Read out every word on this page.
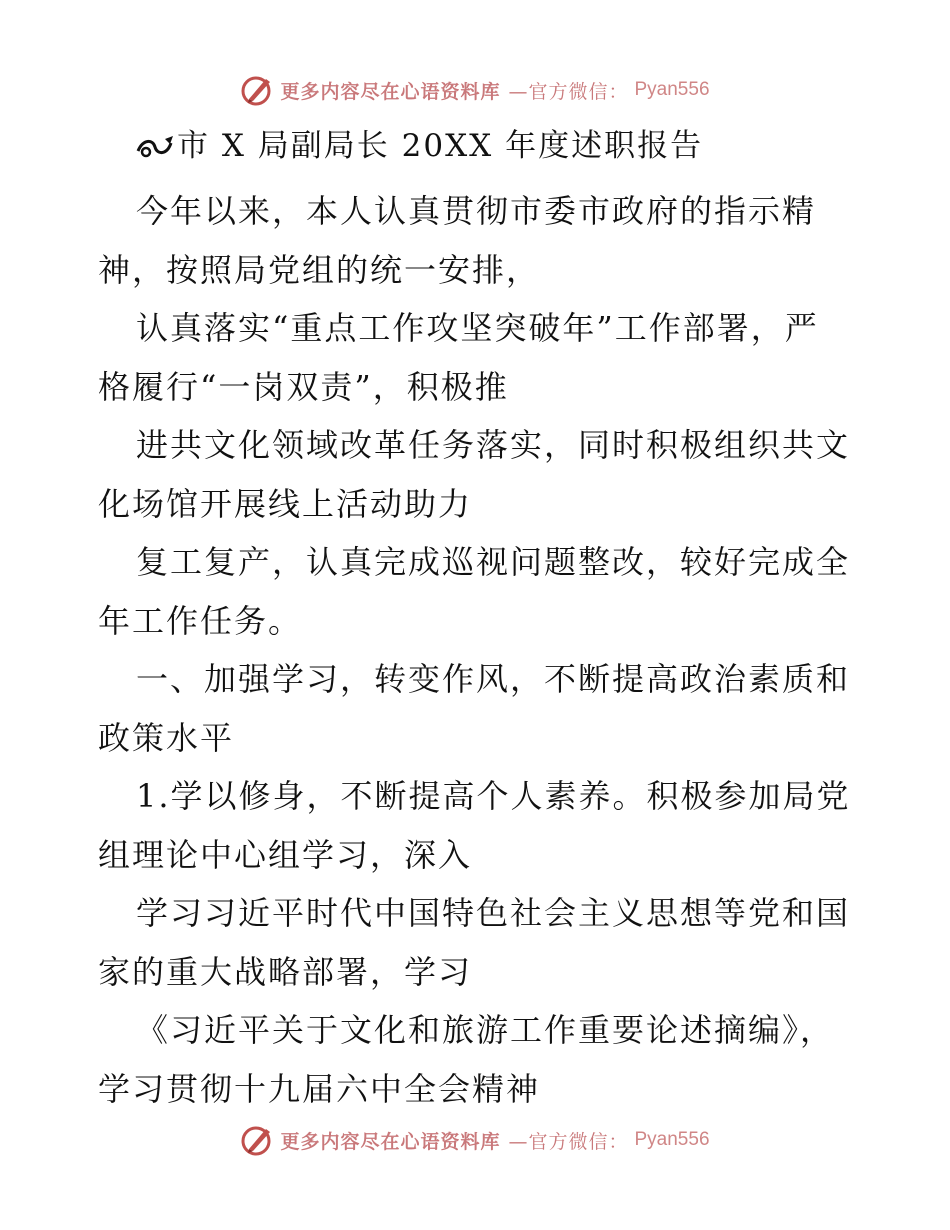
更多内容尽在心语资料库 —官方微信： Pyan556
市 X 局副局长 20XX 年度述职报告
今年以来，本人认真贯彻市委市政府的指示精
神，按照局党组的统一安排，
认真落实“重点工作攻坚突破年”工作部署，严
格履行“一岗双责”，积极推
进共文化领域改革任务落实，同时积极组织共文
化场馆开展线上活动助力
复工复产，认真完成巡视问题整改，较好完成全
年工作任务。
一、加强学习，转变作风，不断提高政治素质和
政策水平
1.学以修身，不断提高个人素养。积极参加局党
组理论中心组学习，深入
学习习近平时代中国特色社会主义思想等党和国
家的重大战略部署，学习
《习近平关于文化和旅游工作重要论述摘编》，
学习贯彻十九届六中全会精神
更多内容尽在心语资料库 —官方微信： Pyan556
